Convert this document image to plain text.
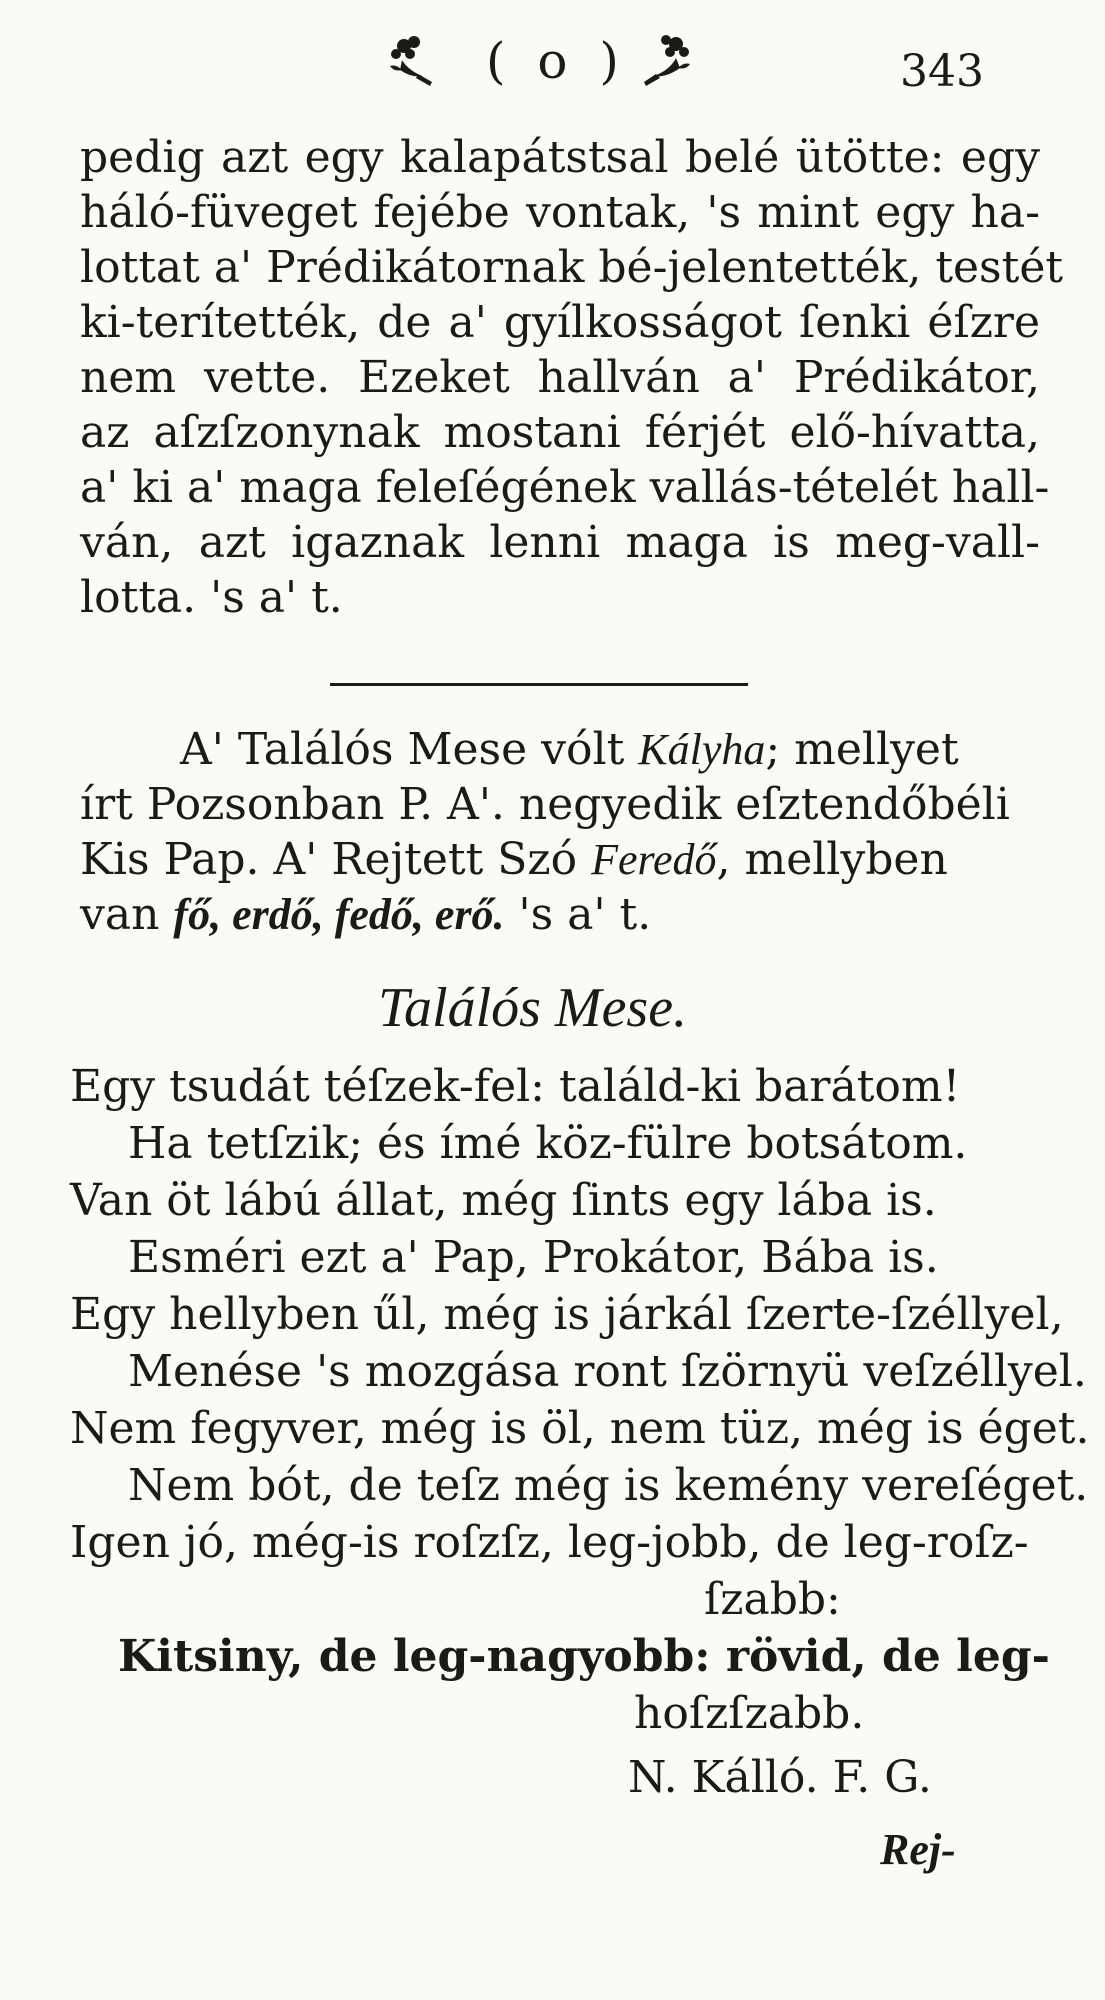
( o )	343
pedig azt egy kalapátstsal belé ütötte: egy
háló-füveget fejébe vontak, 's mint egy ha-
lottat a' Prédikátornak bé-jelentették, testét
ki-terítették, de a' gyílkosságot ſenki éſzre
nem vette. Ezeket hallván a' Prédikátor,
az aſzſzonynak mostani férjét elő-hívatta,
a' ki a' maga feleſégének vallás-tételét hall-
ván, azt igaznak lenni maga is meg-vall-
lotta. 's a' t.
A' Találós Mese vólt Kályha; mellyet
írt Pozsonban P. A'. negyedik eſztendőbéli
Kis Pap. A' Rejtett Szó Feredő, mellyben
van fő, erdő, fedő, erő. 's a' t.
Találós Mese.
Egy tsudát téſzek-fel: találd-ki barátom!
Ha tetſzik; és ímé köz-fülre botsátom.
Van öt lábú állat, még ſints egy lába is.
Esméri ezt a' Pap, Prokátor, Bába is.
Egy hellyben űl, még is járkál ſzerte-ſzéllyel,
Menése 's mozgása ront ſzörnyü veſzéllyel.
Nem fegyver, még is öl, nem tüz, még is éget.
Nem bót, de teſz még is kemény vereſéget.
Igen jó, még-is roſzſz, leg-jobb, de leg-roſz-
ſzabb:
Kitsiny, de leg-nagyobb: rövid, de leg-
hoſzſzabb.
N. Kálló. F. G.
Rej-
